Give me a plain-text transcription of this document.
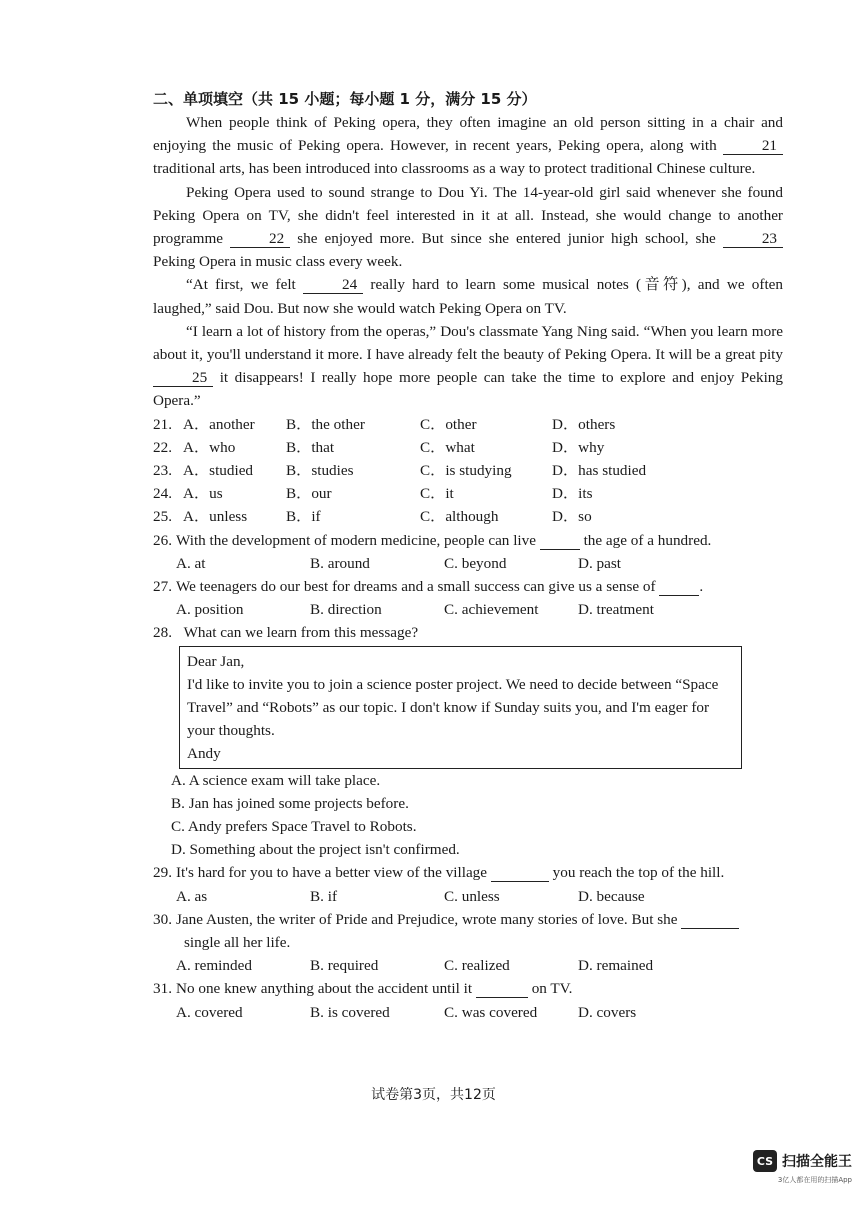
二、单项填空（共 15 小题；每小题 1 分，满分 15 分）

When people think of Peking opera, they often imagine an old person sitting in a chair and enjoying the music of Peking opera. However, in recent years, Peking opera, along with	21 traditional arts, has been introduced into classrooms as a way to protect traditional Chinese culture.

Peking Opera used to sound strange to Dou Yi. The 14-year-old girl said whenever she found Peking Opera on TV, she didn't feel interested in it at all. Instead, she would change to another programme	22 she enjoyed more. But since she entered junior high school, she	23 Peking Opera in music class every week.

“At first, we felt	24 really hard to learn some musical notes (音符), and we often laughed,” said Dou. But now she would watch Peking Opera on TV.

“I learn a lot of history from the operas,” Dou's classmate Yang Ning said. “When you learn more about it, you'll understand it more. I have already felt the beauty of Peking Opera. It will be a great pity 25 it disappears! I really hope more people can take the time to explore and enjoy Peking Opera.”

21. A．another	B．the other	C．other	D．others
22. A．who	B．that	C．what	D．why
23. A．studied	B．studies	C．is studying	D．has studied
24. A．us	B．our	C．it	D．its
25. A．unless	B．if	C．although	D．so

26. With the development of modern medicine, people can live	the age of a hundred.

A. at	B. around	C. beyond	D. past

27. We teenagers do our best for dreams and a small success can give us a sense of	.

A. position	B. direction	C. achievement	D. treatment

28. What can we learn from this message?

Dear Jan,

I'd like to invite you to join a science poster project. We need to decide between “Space Travel” and “Robots” as our topic. I don't know if Sunday suits you, and I'm eager for your thoughts.

Andy

A. A science exam will take place.

B. Jan has joined some projects before.

C. Andy prefers Space Travel to Robots.

D. Something about the project isn't confirmed.

29. It's hard for you to have a better view of the village	you reach the top of the hill.

A. as	B. if	C. unless	D. because

30. Jane Austen, the writer of Pride and Prejudice, wrote many stories of love. But she

single all her life.

A. reminded	B. required	C. realized	D. remained

31. No one knew anything about the accident until it	on TV.

A. covered	B. is covered	C. was covered	D. covers
试卷第3页，共12页
CS 扫描全能王
3亿人都在用的扫描App
